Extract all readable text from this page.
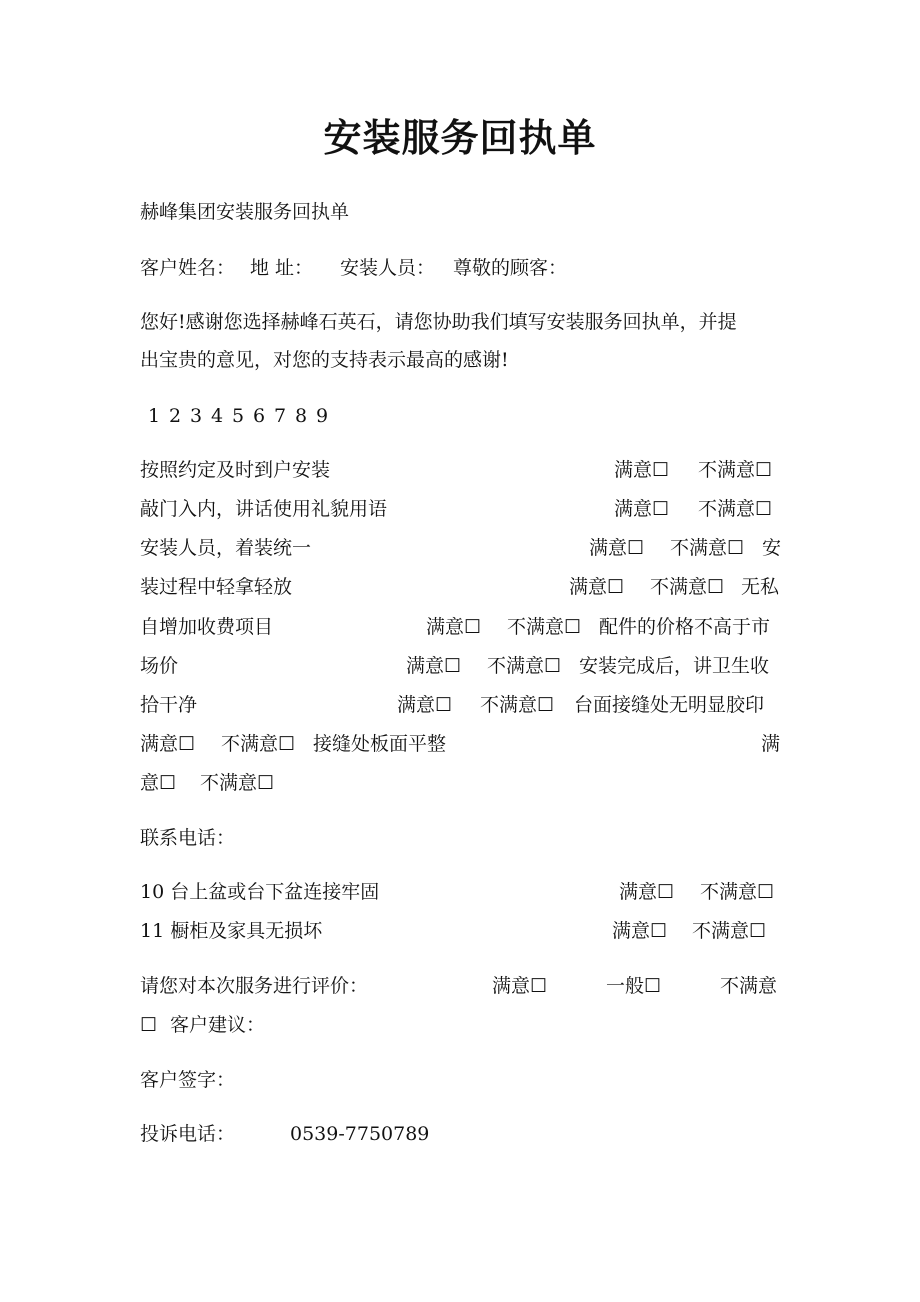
安装服务回执单
赫峰集团安装服务回执单
客户姓名： 地 址： 安装人员： 尊敬的顾客：
您好!感谢您选择赫峰石英石，请您协助我们填写安装服务回执单，并提
出宝贵的意见，对您的支持表示最高的感谢!
1 2 3 4 5 6 7 8 9
按照约定及时到户安装	满意☐ 不满意☐
敲门入内，讲话使用礼貌用语	满意☐ 不满意☐
安装人员，着装统一	满意☐ 不满意☐ 安
装过程中轻拿轻放	满意☐ 不满意☐ 无私
自增加收费项目	满意☐ 不满意☐ 配件的价格不高于市
场价	满意☐ 不满意☐ 安装完成后，讲卫生收
拾干净	满意☐ 不满意☐ 台面接缝处无明显胶印
满意☐ 不满意☐ 接缝处板面平整	满
意☐ 不满意☐
联系电话：
10 台上盆或台下盆连接牢固	满意☐ 不满意☐
11 橱柜及家具无损坏	满意☐ 不满意☐
请您对本次服务进行评价：	满意☐	一般☐	不满意
☐ 客户建议：
客户签字：
投诉电话：	0539-7750789
